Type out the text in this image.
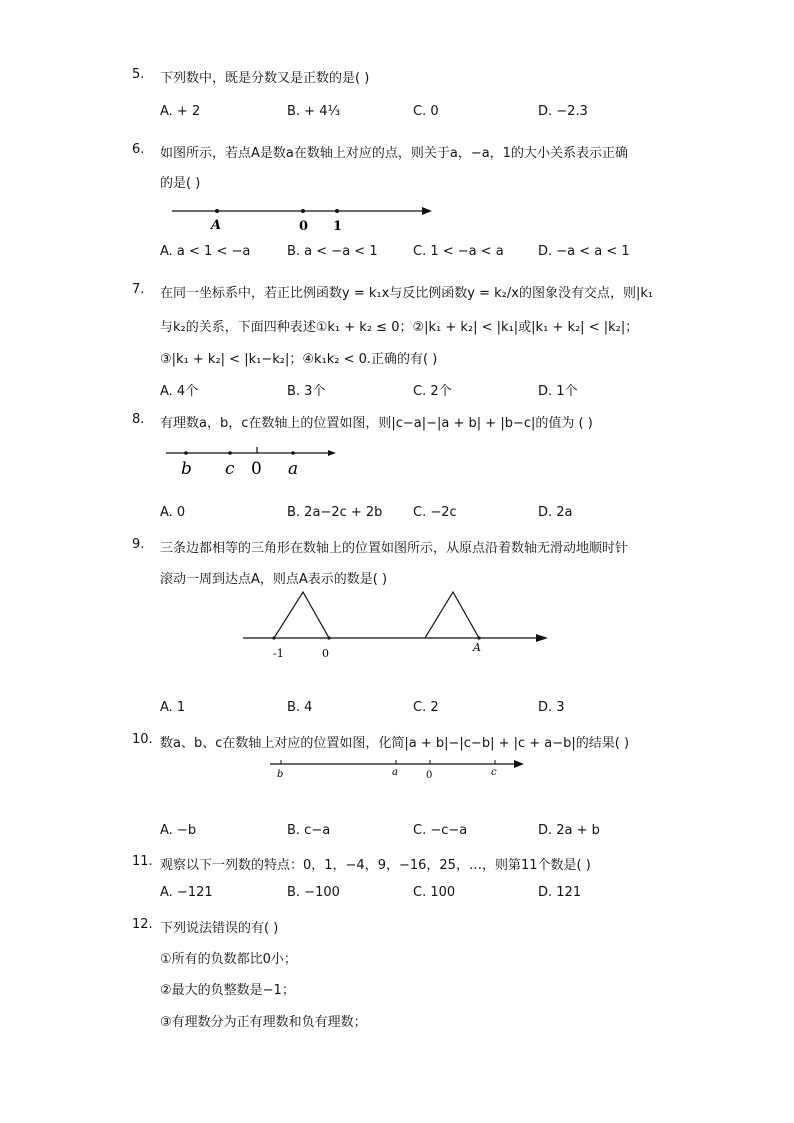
5. 下列数中，既是分数又是正数的是( )
A. + 2	B. + 4⅓	C. 0	D. −2.3
6. 如图所示，若点A是数a在数轴上对应的点，则关于a，−a，1的大小关系表示正确
的是( )
A	0 1
A. a < 1 < −a	B. a < −a < 1	C. 1 < −a < a	D. −a < a < 1
7. 在同一坐标系中，若正比例函数y = k₁x与反比例函数y = k₂/x的图象没有交点，则|k₁
与k₂的关系，下面四种表述①k₁ + k₂ ≤ 0；②|k₁ + k₂| < |k₁|或|k₁ + k₂| < |k₂|；
③|k₁ + k₂| < |k₁−k₂|；④k₁k₂ < 0.正确的有( )
A. 4个	B. 3个	C. 2个	D. 1个
8. 有理数a，b，c在数轴上的位置如图，则|c−a|−|a + b| + |b−c|的值为 ( )
b c 0 a
A. 0	B. 2a−2c + 2b C. −2c	D. 2a
9. 三条边都相等的三角形在数轴上的位置如图所示，从原点沿着数轴无滑动地顺时针
滚动一周到达点A，则点A表示的数是( )
-1	0	A
A. 1	B. 4	C. 2	D. 3
10. 数a、b、c在数轴上对应的位置如图，化简|a + b|−|c−b| + |c + a−b|的结果( )
b	a	0	c
A. −b	B. c−a	C. −c−a	D. 2a + b
11. 观察以下一列数的特点：0，1，−4，9，−16，25，…，则第11个数是( )
A. −121	B. −100	C. 100	D. 121
12. 下列说法错误的有( )
①所有的负数都比0小；
②最大的负整数是−1；
③有理数分为正有理数和负有理数；
